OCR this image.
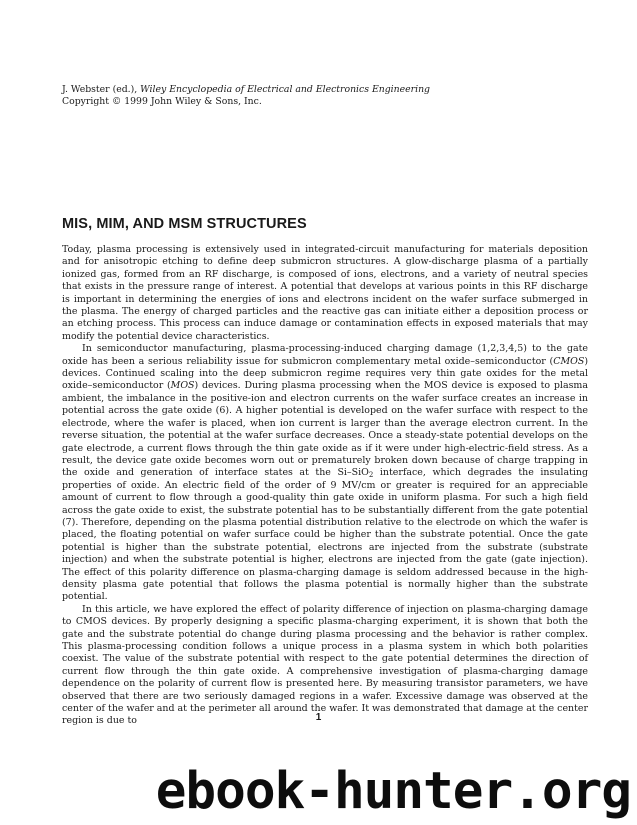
J. Webster (ed.), Wiley Encyclopedia of Electrical and Electronics Engineering
Copyright © 1999 John Wiley & Sons, Inc.
MIS, MIM, AND MSM STRUCTURES

Today, plasma processing is extensively used in integrated-circuit manufacturing for materials deposition and for anisotropic etching to define deep submicron structures. A glow-discharge plasma of a partially ionized gas, formed from an RF discharge, is composed of ions, electrons, and a variety of neutral species that exists in the pressure range of interest. A potential that develops at various points in this RF discharge is important in determining the energies of ions and electrons incident on the wafer surface submerged in the plasma. The energy of charged particles and the reactive gas can initiate either a deposition process or an etching process. This process can induce damage or contamination effects in exposed materials that may modify the potential device characteristics.

In semiconductor manufacturing, plasma-processing-induced charging damage (1,2,3,4,5) to the gate oxide has been a serious reliability issue for submicron complementary metal oxide–semiconductor (CMOS) devices. Continued scaling into the deep submicron regime requires very thin gate oxides for the metal oxide–semiconductor (MOS) devices. During plasma processing when the MOS device is exposed to plasma ambient, the imbalance in the positive-ion and electron currents on the wafer surface creates an increase in potential across the gate oxide (6). A higher potential is developed on the wafer surface with respect to the electrode, where the wafer is placed, when ion current is larger than the average electron current. In the reverse situation, the potential at the wafer surface decreases. Once a steady-state potential develops on the gate electrode, a current flows through the thin gate oxide as if it were under high-electric-field stress. As a result, the device gate oxide becomes worn out or prematurely broken down because of charge trapping in the oxide and generation of interface states at the Si–SiO$_2$ interface, which degrades the insulating properties of oxide. An electric field of the order of 9 MV/cm or greater is required for an appreciable amount of current to flow through a good-quality thin gate oxide in uniform plasma. For such a high field across the gate oxide to exist, the substrate potential has to be substantially different from the gate potential (7). Therefore, depending on the plasma potential distribution relative to the electrode on which the wafer is placed, the floating potential on wafer surface could be higher than the substrate potential. Once the gate potential is higher than the substrate potential, electrons are injected from the substrate (substrate injection) and when the substrate potential is higher, electrons are injected from the gate (gate injection). The effect of this polarity difference on plasma-charging damage is seldom addressed because in the high-density plasma gate potential that follows the plasma potential is normally higher than the substrate potential.

In this article, we have explored the effect of polarity difference of injection on plasma-charging damage to CMOS devices. By properly designing a specific plasma-charging experiment, it is shown that both the gate and the substrate potential do change during plasma processing and the behavior is rather complex. This plasma-processing condition follows a unique process in a plasma system in which both polarities coexist. The value of the substrate potential with respect to the gate potential determines the direction of current flow through the thin gate oxide. A comprehensive investigation of plasma-charging damage dependence on the polarity of current flow is presented here. By measuring transistor parameters, we have observed that there are two seriously damaged regions in a wafer. Excessive damage was observed at the center of the wafer and at the perimeter all around the wafer. It was demonstrated that damage at the center region is due to	1
ebook-hunter.org
